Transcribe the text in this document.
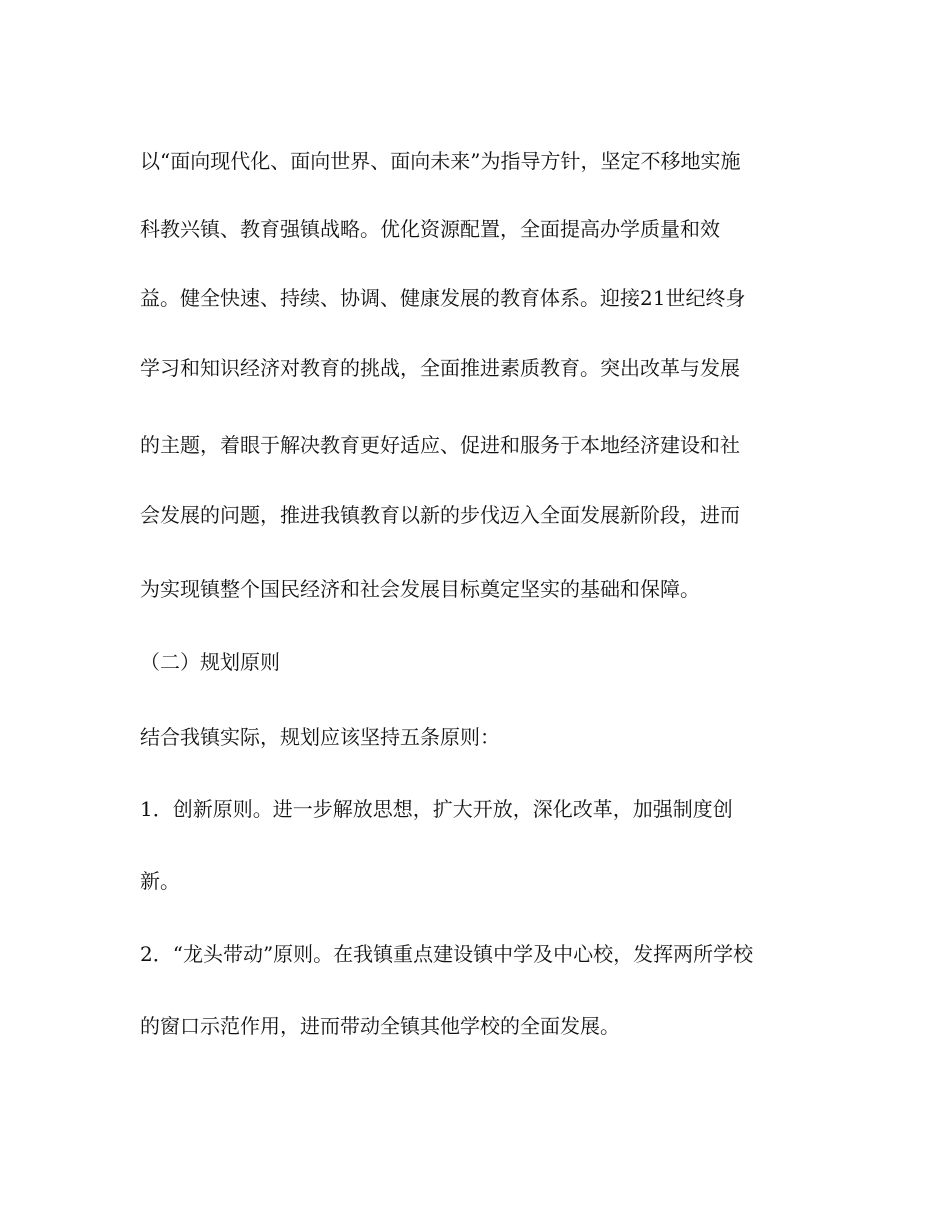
以“面向现代化、面向世界、面向未来”为指导方针，坚定不移地实施
科教兴镇、教育强镇战略。优化资源配置，全面提高办学质量和效
益。健全快速、持续、协调、健康发展的教育体系。迎接21世纪终身
学习和知识经济对教育的挑战，全面推进素质教育。突出改革与发展
的主题，着眼于解决教育更好适应、促进和服务于本地经济建设和社
会发展的问题，推进我镇教育以新的步伐迈入全面发展新阶段，进而
为实现镇整个国民经济和社会发展目标奠定坚实的基础和保障。
（二）规划原则
结合我镇实际，规划应该坚持五条原则：
1．创新原则。进一步解放思想，扩大开放，深化改革，加强制度创
新。
2．“龙头带动”原则。在我镇重点建设镇中学及中心校，发挥两所学校
的窗口示范作用，进而带动全镇其他学校的全面发展。
